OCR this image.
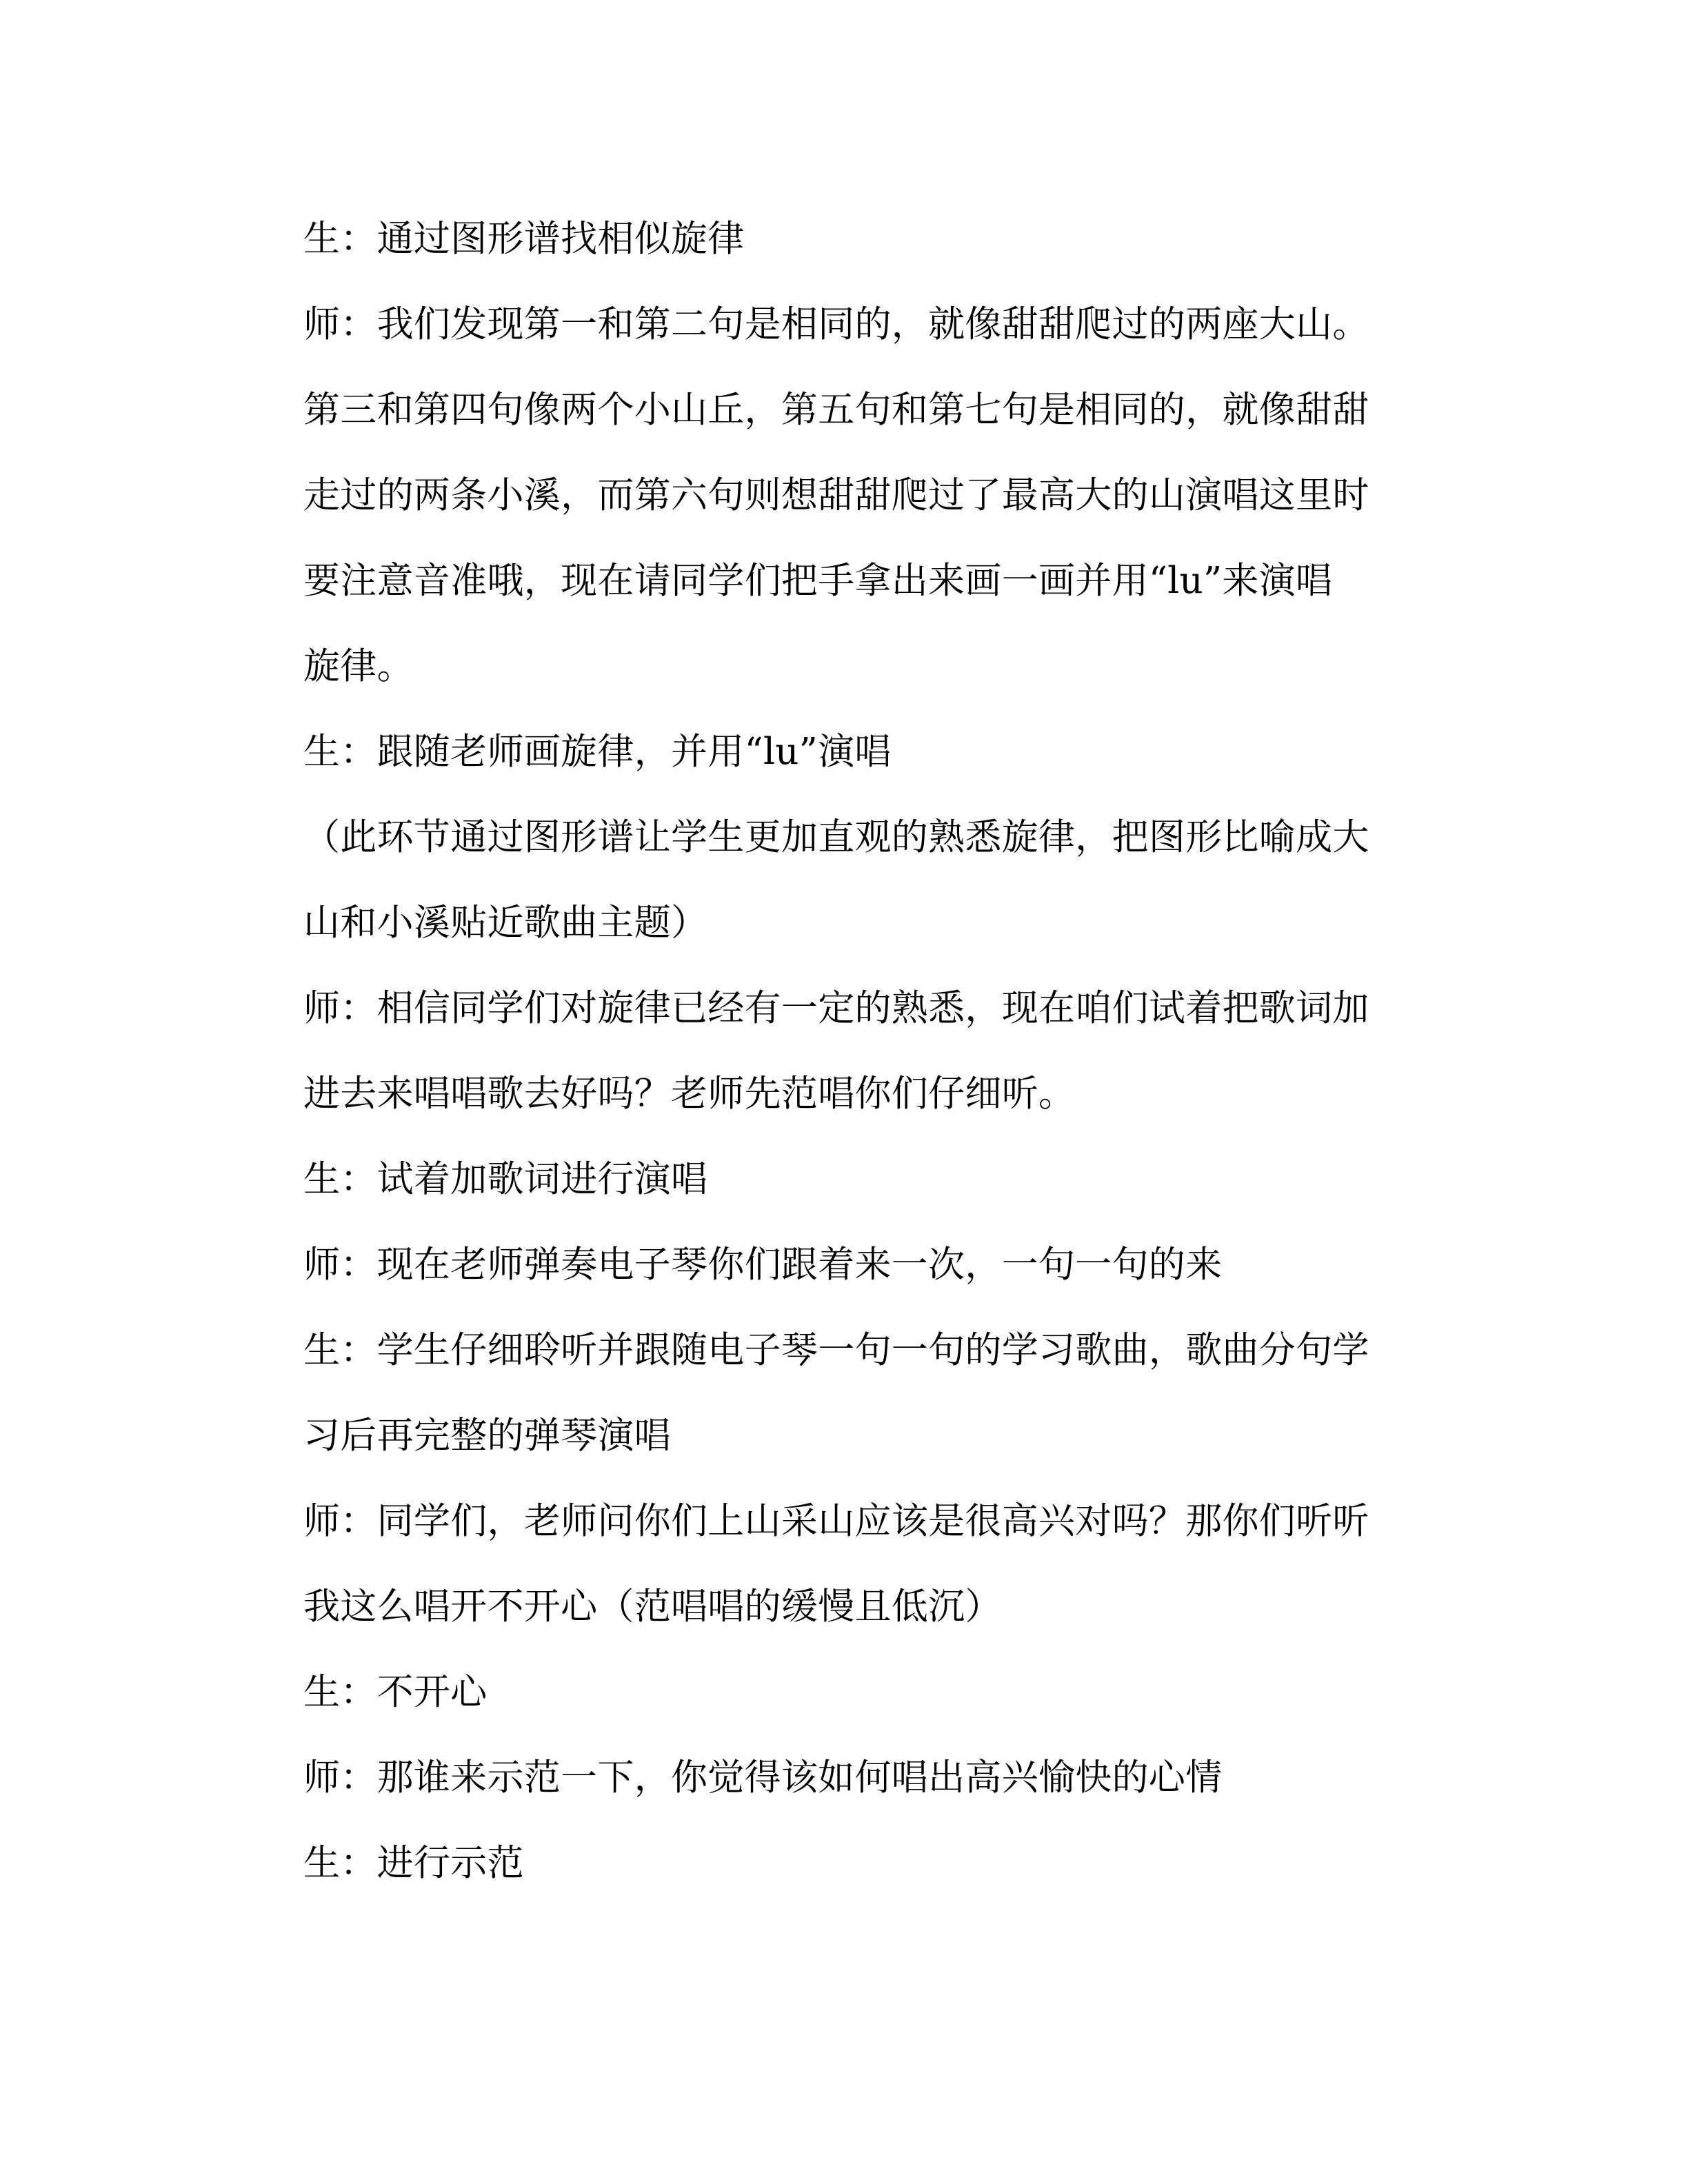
生：通过图形谱找相似旋律
师：我们发现第一和第二句是相同的，就像甜甜爬过的两座大山。
第三和第四句像两个小山丘，第五句和第七句是相同的，就像甜甜
走过的两条小溪，而第六句则想甜甜爬过了最高大的山演唱这里时
要注意音准哦，现在请同学们把手拿出来画一画并用“lu”来演唱
旋律。
生：跟随老师画旋律，并用“lu”演唱
（此环节通过图形谱让学生更加直观的熟悉旋律，把图形比喻成大
山和小溪贴近歌曲主题）
师：相信同学们对旋律已经有一定的熟悉，现在咱们试着把歌词加
进去来唱唱歌去好吗？老师先范唱你们仔细听。
生：试着加歌词进行演唱
师：现在老师弹奏电子琴你们跟着来一次，一句一句的来
生：学生仔细聆听并跟随电子琴一句一句的学习歌曲，歌曲分句学
习后再完整的弹琴演唱
师：同学们，老师问你们上山采山应该是很高兴对吗？那你们听听
我这么唱开不开心（范唱唱的缓慢且低沉）
生：不开心
师：那谁来示范一下，你觉得该如何唱出高兴愉快的心情
生：进行示范
